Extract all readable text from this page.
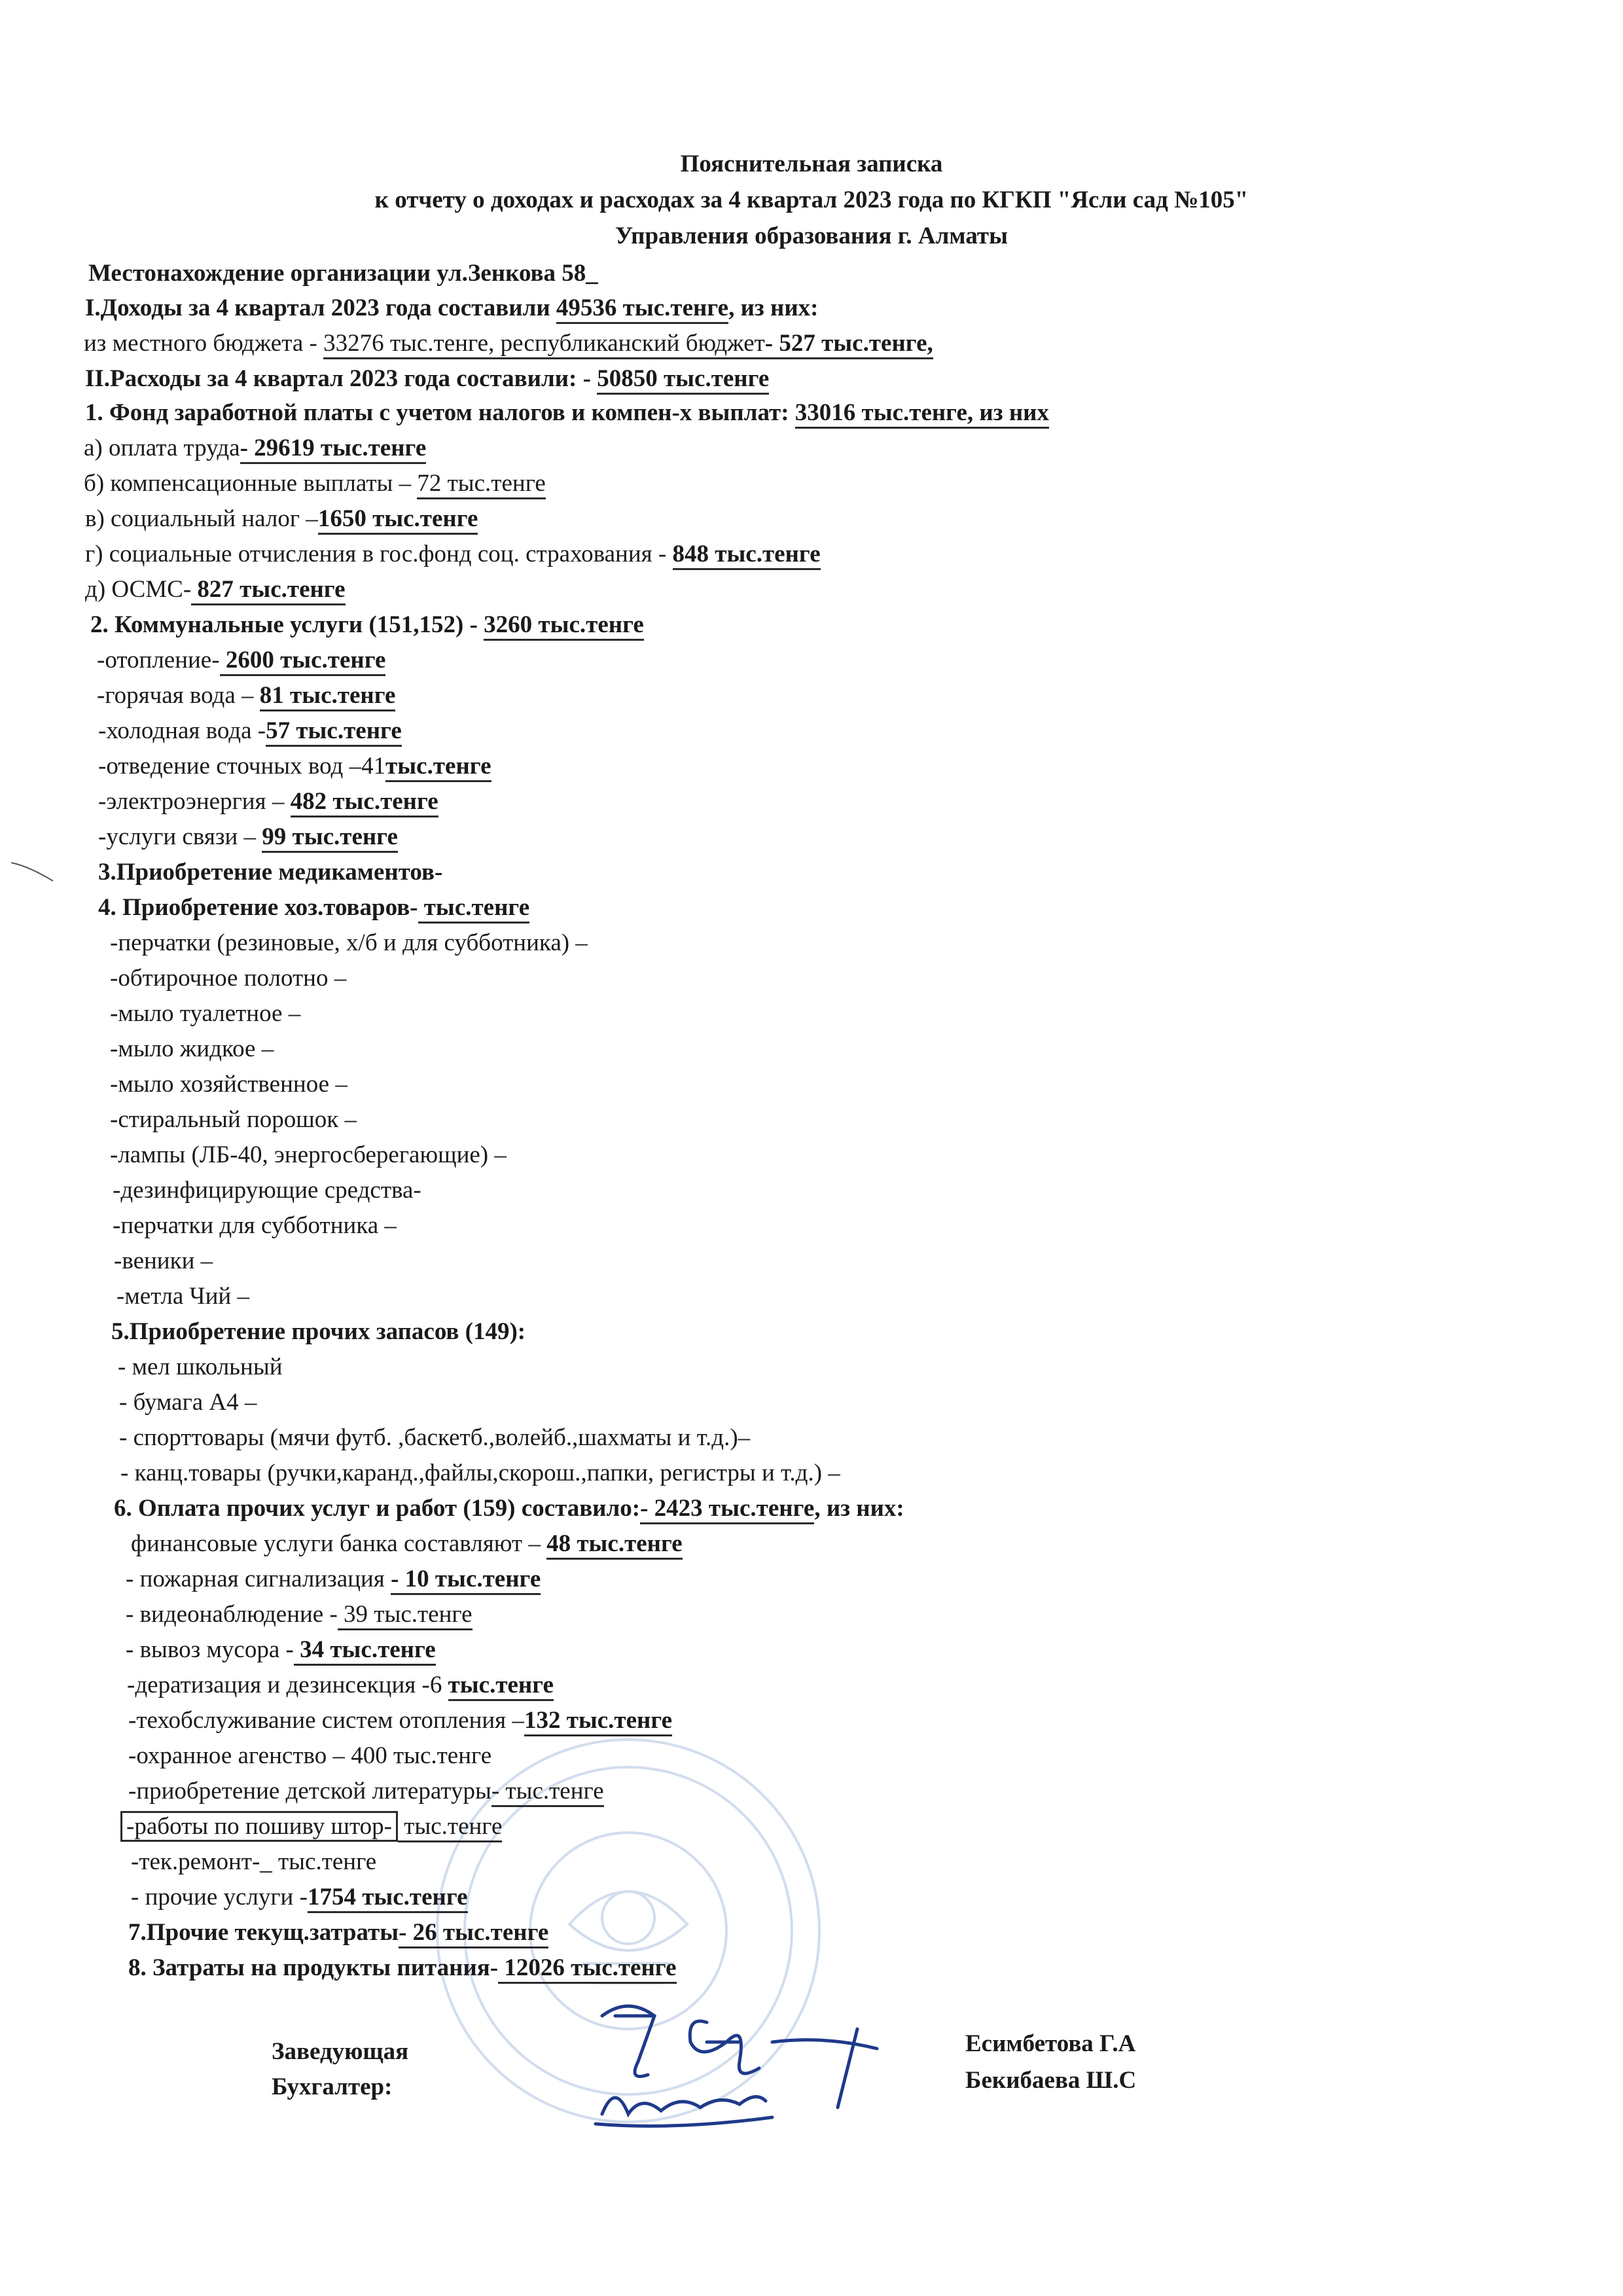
Пояснительная записка
к отчету о доходах и расходах за 4 квартал 2023 года по КГКП "Ясли сад №105"
Управления образования г. Алматы
Местонахождение организации ул.Зенкова 58_
I.Доходы за 4 квартал 2023 года составили 49536 тыс.тенге, из них:
из местного бюджета - 33276 тыс.тенге, республиканский бюджет- 527 тыс.тенге,
II.Расходы за 4 квартал 2023 года составили: - 50850 тыс.тенге
1. Фонд заработной платы с учетом налогов и компен-х выплат: 33016 тыс.тенге, из них
а) оплата труда- 29619 тыс.тенге
б) компенсационные выплаты – 72 тыс.тенге
в) социальный налог –1650 тыс.тенге
г) социальные отчисления в гос.фонд соц. страхования - 848 тыс.тенге
д) ОСМС- 827 тыс.тенге
2. Коммунальные услуги (151,152) - 3260 тыс.тенге
-отопление- 2600 тыс.тенге
-горячая вода – 81 тыс.тенге
-холодная вода -57 тыс.тенге
-отведение сточных вод –41тыс.тенге
-электроэнергия – 482 тыс.тенге
-услуги связи – 99 тыс.тенге
3.Приобретение медикаментов-
4. Приобретение хоз.товаров- тыс.тенге
-перчатки (резиновые, х/б и для субботника) –
-обтирочное полотно –
-мыло туалетное –
-мыло жидкое –
-мыло хозяйственное –
-стиральный порошок –
-лампы (ЛБ-40, энергосберегающие) –
-дезинфицирующие средства-
-перчатки для субботника –
-веники –
-метла Чий –
5.Приобретение прочих запасов (149):
- мел школьный
- бумага А4 –
- спорттовары (мячи футб. ,баскетб.,волейб.,шахматы и т.д.)–
- канц.товары (ручки,каранд.,файлы,скорош.,папки, регистры и т.д.) –
6. Оплата прочих услуг и работ (159) составило:- 2423 тыс.тенге, из них:
финансовые услуги банка составляют – 48 тыс.тенге
- пожарная сигнализация - 10 тыс.тенге
- видеонаблюдение - 39 тыс.тенге
- вывоз мусора - 34 тыс.тенге
-дератизация и дезинсекция -6 тыс.тенге
-техобслуживание систем отопления –132 тыс.тенге
-охранное агенство – 400 тыс.тенге
-приобретение детской литературы- тыс.тенге
-работы по пошиву штор- тыс.тенге
-тек.ремонт-_ тыс.тенге
- прочие услуги -1754 тыс.тенге
7.Прочие текущ.затраты- 26 тыс.тенге
8. Затраты на продукты питания- 12026 тыс.тенге
Заведующая
Бухгалтер:
Есимбетова Г.А
Бекибаева Ш.С
